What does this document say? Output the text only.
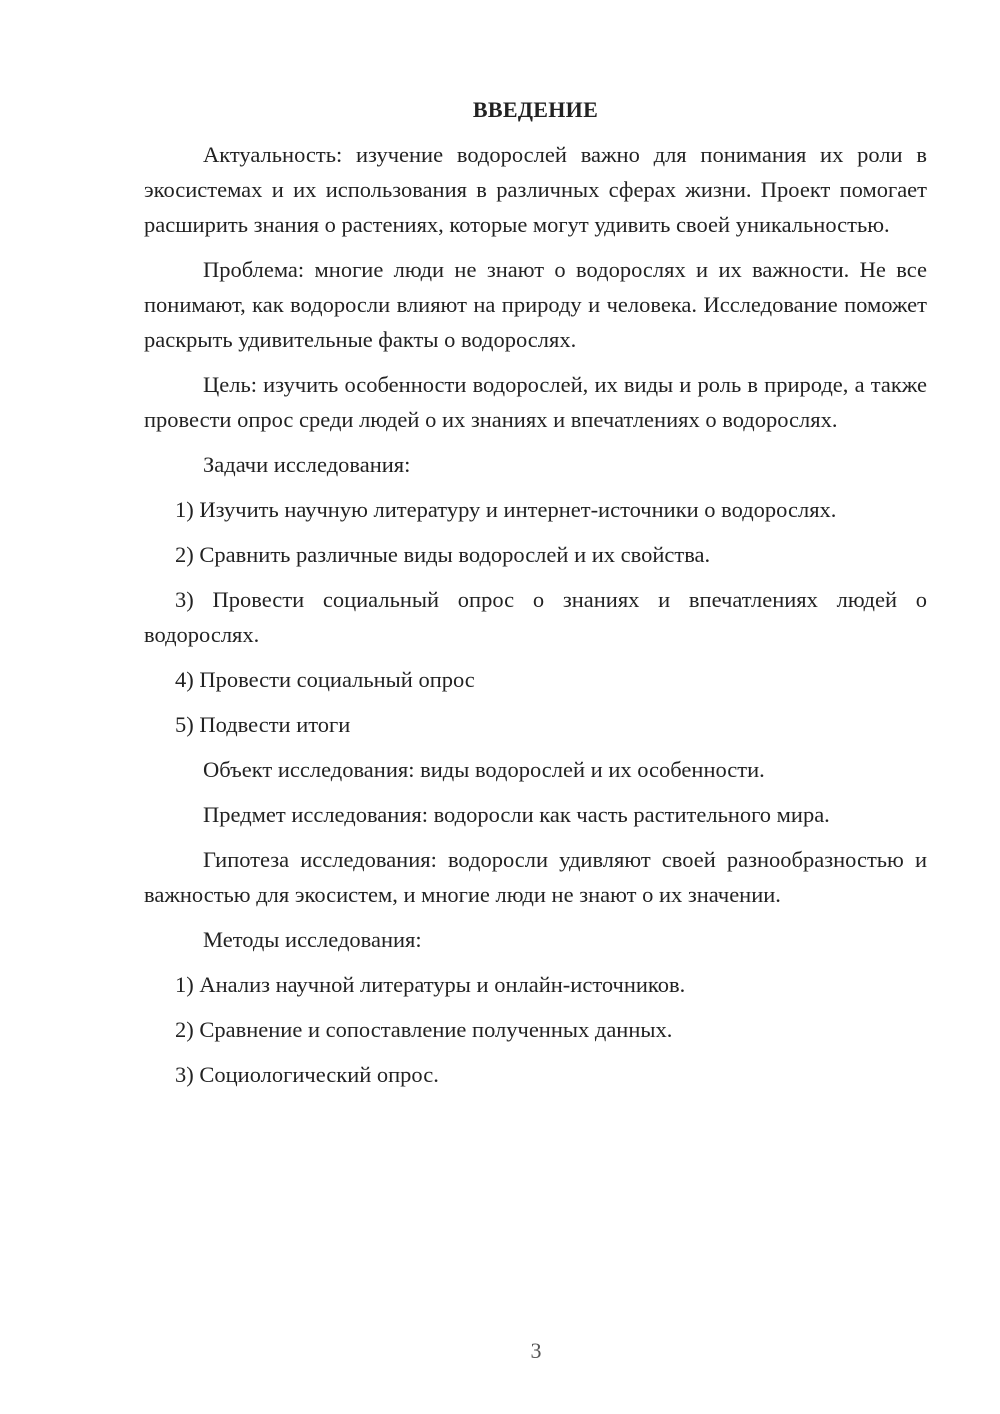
ВВЕДЕНИЕ

Актуальность: изучение водорослей важно для понимания их роли в экосистемах и их использования в различных сферах жизни. Проект помогает расширить знания о растениях, которые могут удивить своей уникальностью.

Проблема: многие люди не знают о водорослях и их важности. Не все понимают, как водоросли влияют на природу и человека. Исследование поможет раскрыть удивительные факты о водорослях.

Цель: изучить особенности водорослей, их виды и роль в природе, а также провести опрос среди людей о их знаниях и впечатлениях о водорослях.

Задачи исследования:

1) Изучить научную литературу и интернет-источники о водорослях.

2) Сравнить различные виды водорослей и их свойства.

3) Провести социальный опрос о знаниях и впечатлениях людей о водорослях.

4) Провести социальный опрос

5) Подвести итоги

Объект исследования: виды водорослей и их особенности.

Предмет исследования: водоросли как часть растительного мира.

Гипотеза исследования: водоросли удивляют своей разнообразностью и важностью для экосистем, и многие люди не знают о их значении.

Методы исследования:

1) Анализ научной литературы и онлайн-источников.

2) Сравнение и сопоставление полученных данных.

3) Социологический опрос.

3
